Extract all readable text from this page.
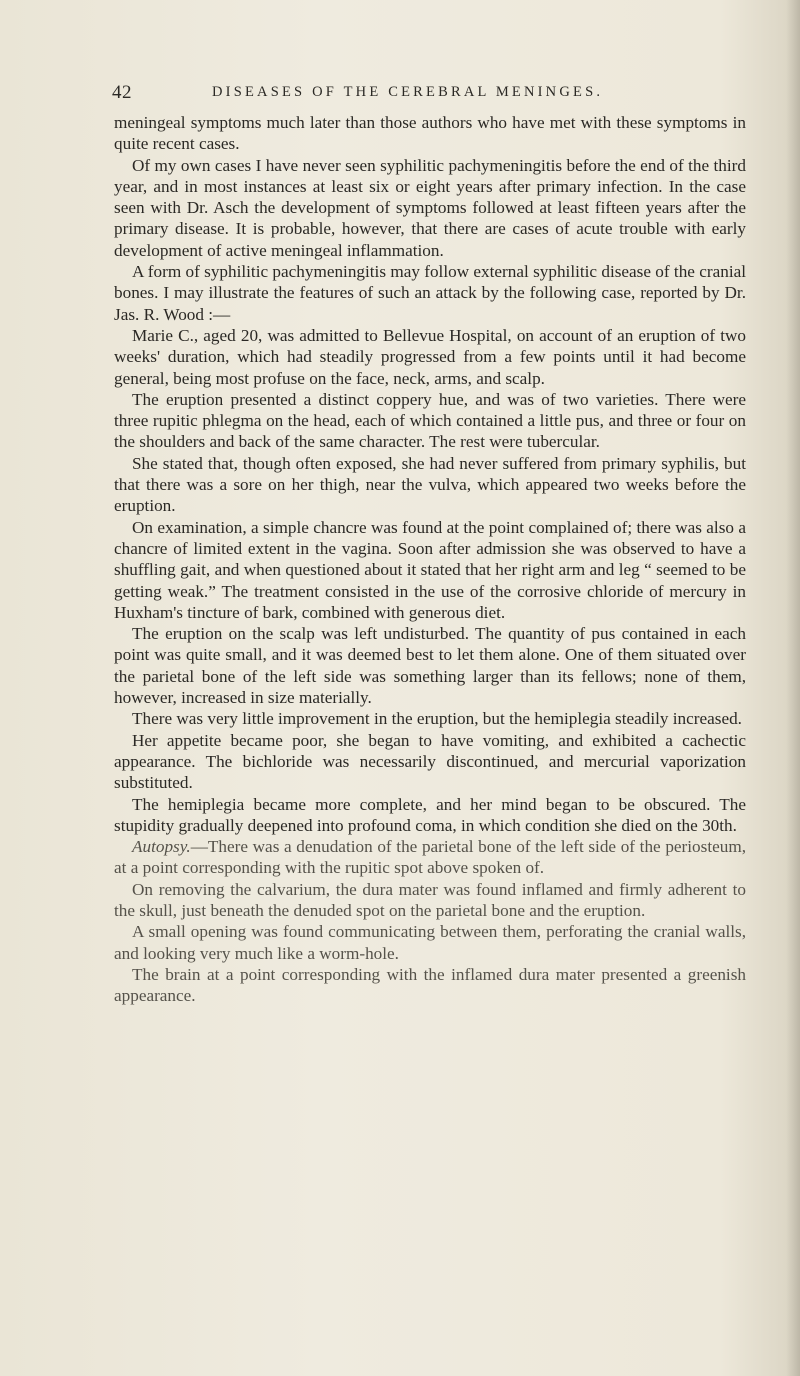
42	DISEASES OF THE CEREBRAL MENINGES.

meningeal symptoms much later than those authors who have met with these symptoms in quite recent cases.

Of my own cases I have never seen syphilitic pachymeningitis before the end of the third year, and in most instances at least six or eight years after primary infection. In the case seen with Dr. Asch the development of symptoms followed at least fifteen years after the primary disease. It is probable, however, that there are cases of acute trouble with early development of active meningeal inflammation.

A form of syphilitic pachymeningitis may follow external syphilitic disease of the cranial bones. I may illustrate the features of such an attack by the following case, reported by Dr. Jas. R. Wood :—

Marie C., aged 20, was admitted to Bellevue Hospital, on account of an eruption of two weeks' duration, which had steadily progressed from a few points until it had become general, being most profuse on the face, neck, arms, and scalp.

The eruption presented a distinct coppery hue, and was of two varieties. There were three rupitic phlegma on the head, each of which contained a little pus, and three or four on the shoulders and back of the same character. The rest were tubercular.

She stated that, though often exposed, she had never suffered from primary syphilis, but that there was a sore on her thigh, near the vulva, which appeared two weeks before the eruption.

On examination, a simple chancre was found at the point complained of; there was also a chancre of limited extent in the vagina. Soon after admission she was observed to have a shuffling gait, and when questioned about it stated that her right arm and leg “ seemed to be getting weak.” The treatment consisted in the use of the corrosive chloride of mercury in Huxham's tincture of bark, combined with generous diet.

The eruption on the scalp was left undisturbed. The quantity of pus contained in each point was quite small, and it was deemed best to let them alone. One of them situated over the parietal bone of the left side was something larger than its fellows; none of them, however, increased in size materially.

There was very little improvement in the eruption, but the hemiplegia steadily increased.

Her appetite became poor, she began to have vomiting, and exhibited a cachectic appearance. The bichloride was necessarily discontinued, and mercurial vaporization substituted.

The hemiplegia became more complete, and her mind began to be obscured. The stupidity gradually deepened into profound coma, in which condition she died on the 30th.

Autopsy.—There was a denudation of the parietal bone of the left side of the periosteum, at a point corresponding with the rupitic spot above spoken of.

On removing the calvarium, the dura mater was found inflamed and firmly adherent to the skull, just beneath the denuded spot on the parietal bone and the eruption.

A small opening was found communicating between them, perforating the cranial walls, and looking very much like a worm-hole.

The brain at a point corresponding with the inflamed dura mater presented a greenish appearance.
